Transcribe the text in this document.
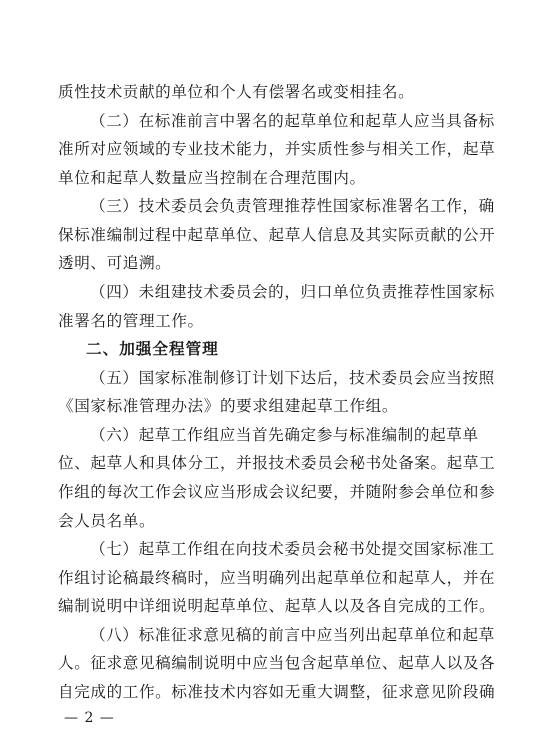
质性技术贡献的单位和个人有偿署名或变相挂名。
（二）在标准前言中署名的起草单位和起草人应当具备标
准所对应领域的专业技术能力，并实质性参与相关工作，起草
单位和起草人数量应当控制在合理范围内。
（三）技术委员会负责管理推荐性国家标准署名工作，确
保标准编制过程中起草单位、起草人信息及其实际贡献的公开
透明、可追溯。
（四）未组建技术委员会的，归口单位负责推荐性国家标
准署名的管理工作。
二、加强全程管理
（五）国家标准制修订计划下达后，技术委员会应当按照
《国家标准管理办法》的要求组建起草工作组。
（六）起草工作组应当首先确定参与标准编制的起草单
位、起草人和具体分工，并报技术委员会秘书处备案。起草工
作组的每次工作会议应当形成会议纪要，并随附参会单位和参
会人员名单。
（七）起草工作组在向技术委员会秘书处提交国家标准工
作组讨论稿最终稿时，应当明确列出起草单位和起草人，并在
编制说明中详细说明起草单位、起草人以及各自完成的工作。
（八）标准征求意见稿的前言中应当列出起草单位和起草
人。征求意见稿编制说明中应当包含起草单位、起草人以及各
自完成的工作。标准技术内容如无重大调整，征求意见阶段确
— 2 —
